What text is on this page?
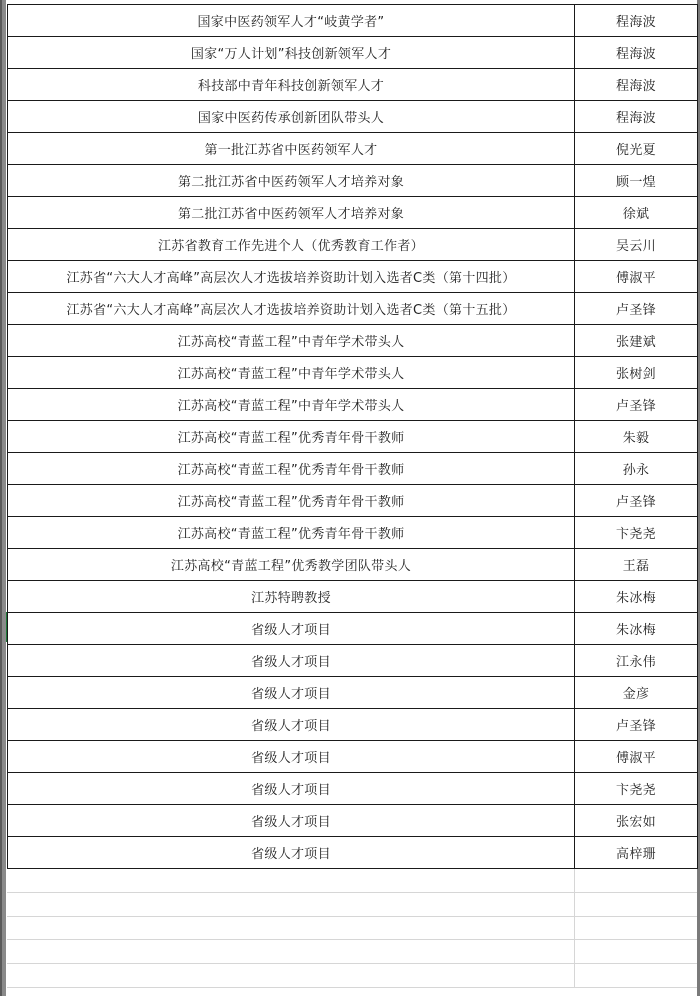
国家中医药领军人才“岐黄学者”	程海波
国家“万人计划”科技创新领军人才	程海波
科技部中青年科技创新领军人才	程海波
国家中医药传承创新团队带头人	程海波
第一批江苏省中医药领军人才	倪光夏
第二批江苏省中医药领军人才培养对象	顾一煌
第二批江苏省中医药领军人才培养对象	徐斌
江苏省教育工作先进个人（优秀教育工作者）	吴云川
江苏省“六大人才高峰”高层次人才选拔培养资助计划入选者C类（第十四批）	傅淑平
江苏省“六大人才高峰”高层次人才选拔培养资助计划入选者C类（第十五批）	卢圣锋
江苏高校“青蓝工程”中青年学术带头人	张建斌
江苏高校“青蓝工程”中青年学术带头人	张树剑
江苏高校“青蓝工程”中青年学术带头人	卢圣锋
江苏高校“青蓝工程”优秀青年骨干教师	朱毅
江苏高校“青蓝工程”优秀青年骨干教师	孙永
江苏高校“青蓝工程”优秀青年骨干教师	卢圣锋
江苏高校“青蓝工程”优秀青年骨干教师	卞尧尧
江苏高校“青蓝工程”优秀教学团队带头人	王磊
江苏特聘教授	朱冰梅
省级人才项目	朱冰梅
省级人才项目	江永伟
省级人才项目	金彦
省级人才项目	卢圣锋
省级人才项目	傅淑平
省级人才项目	卞尧尧
省级人才项目	张宏如
省级人才项目	高梓珊
